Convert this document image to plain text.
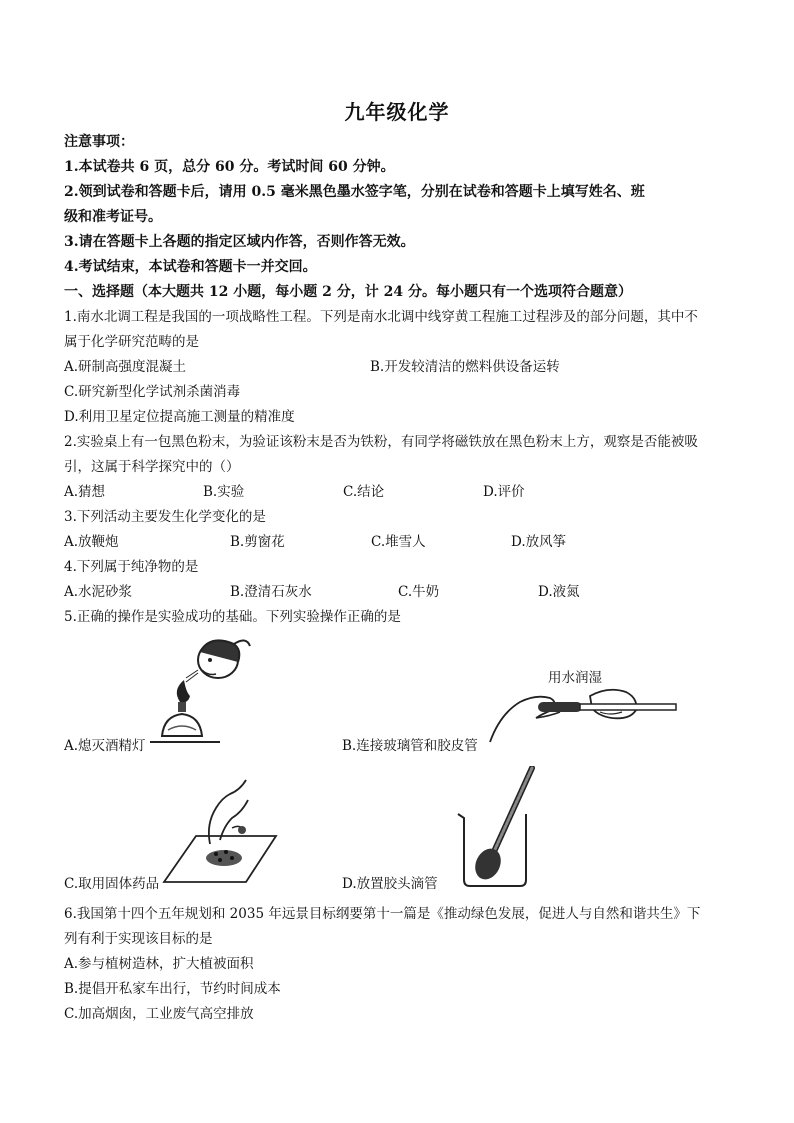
九年级化学
注意事项：
1.本试卷共 6 页，总分 60 分。考试时间 60 分钟。
2.领到试卷和答题卡后，请用 0.5 毫米黑色墨水签字笔，分别在试卷和答题卡上填写姓名、班
级和准考证号。
3.请在答题卡上各题的指定区域内作答，否则作答无效。
4.考试结束，本试卷和答题卡一并交回。
一、选择题（本大题共 12 小题，每小题 2 分，计 24 分。每小题只有一个选项符合题意）
1.南水北调工程是我国的一项战略性工程。下列是南水北调中线穿黄工程施工过程涉及的部分问题，其中不
属于化学研究范畴的是
A.研制高强度混凝土	B.开发较清洁的燃料供设备运转
C.研究新型化学试剂杀菌消毒
D.利用卫星定位提高施工测量的精准度
2.实验桌上有一包黑色粉末，为验证该粉末是否为铁粉，有同学将磁铁放在黑色粉末上方，观察是否能被吸
引，这属于科学探究中的（）
A.猜想	B.实验	C.结论	D.评价
3.下列活动主要发生化学变化的是
A.放鞭炮	B.剪窗花	C.堆雪人	D.放风筝
4.下列属于纯净物的是
A.水泥砂浆	B.澄清石灰水	C.牛奶	D.液氮
5.正确的操作是实验成功的基础。下列实验操作正确的是
A.熄灭酒精灯
用水润湿
B.连接玻璃管和胶皮管
C.取用固体药品	D.放置胶头滴管
6.我国第十四个五年规划和 2035 年远景目标纲要第十一篇是《推动绿色发展，促进人与自然和谐共生》下
列有利于实现该目标的是
A.参与植树造林，扩大植被面积
B.提倡开私家车出行，节约时间成本
C.加高烟囱，工业废气高空排放
